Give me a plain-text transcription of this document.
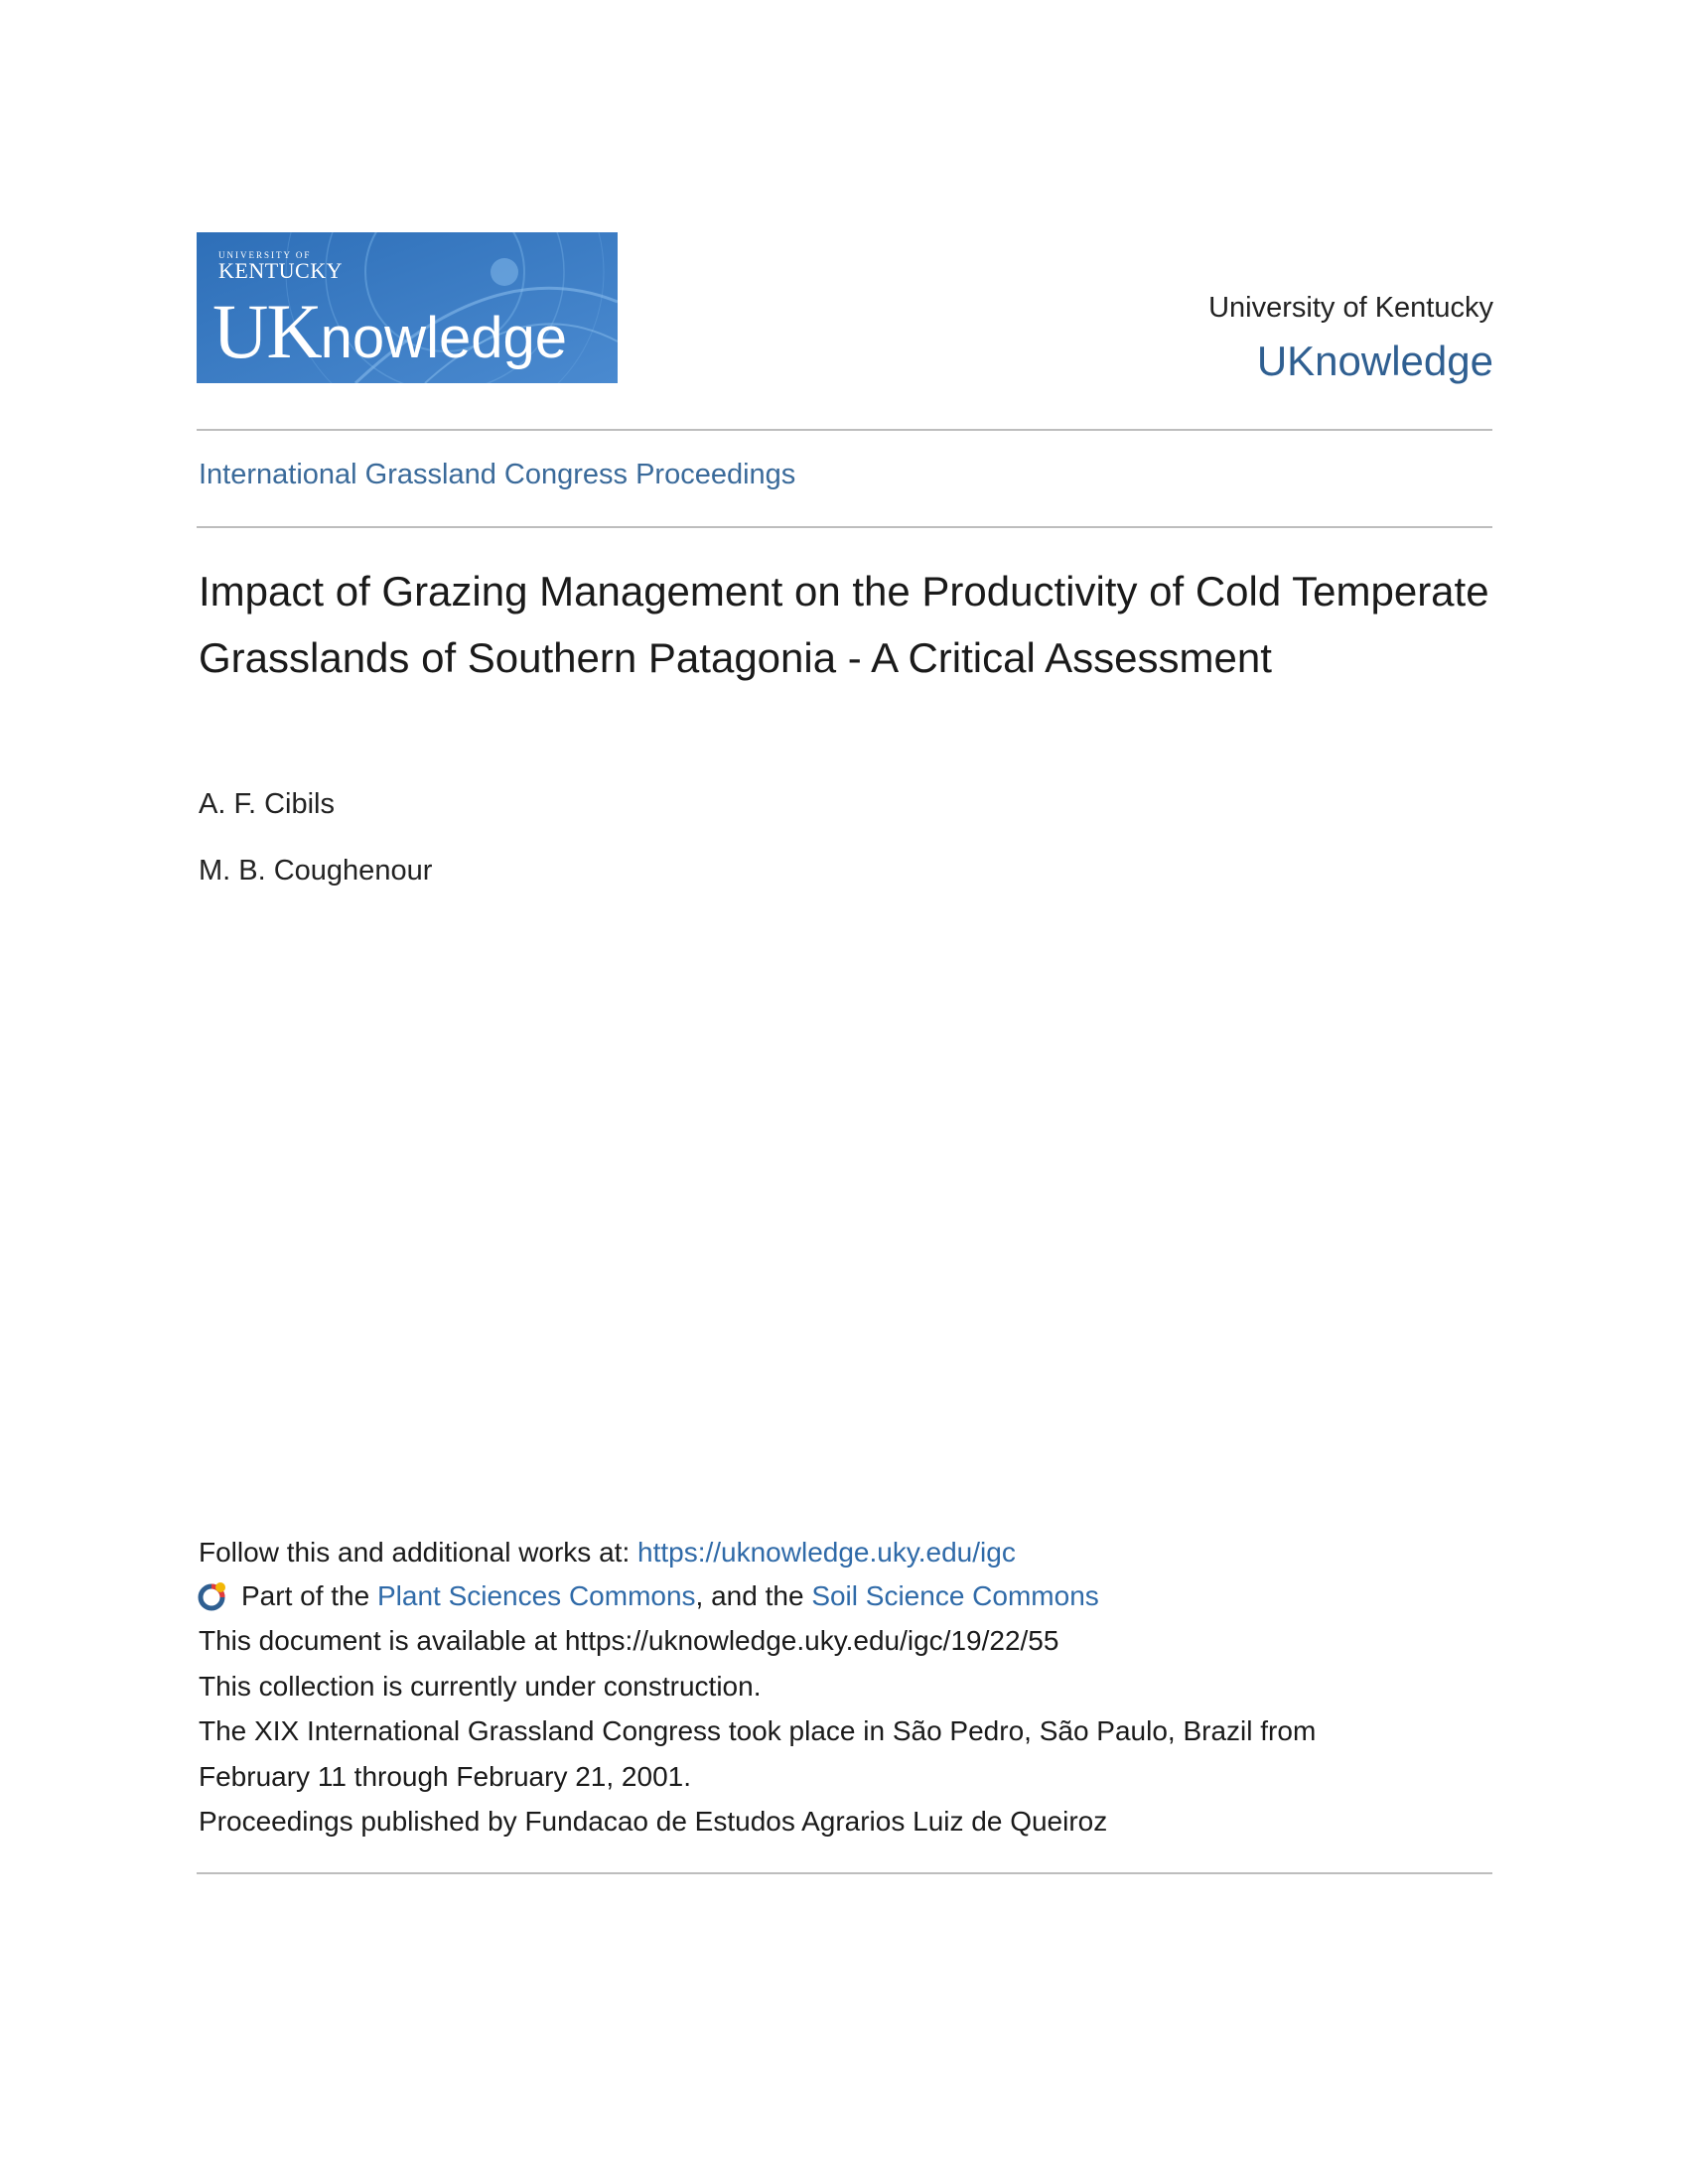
UNIVERSITY OF
KENTUCKY
UKnowledge	University of Kentucky
UKnowledge
International Grassland Congress Proceedings
Impact of Grazing Management on the Productivity of Cold Temperate Grasslands of Southern Patagonia - A Critical Assessment
A. F. Cibils
M. B. Coughenour
Follow this and additional works at: https://uknowledge.uky.edu/igc
Part of the Plant Sciences Commons, and the Soil Science Commons
This document is available at https://uknowledge.uky.edu/igc/19/22/55
This collection is currently under construction.
The XIX International Grassland Congress took place in São Pedro, São Paulo, Brazil from
February 11 through February 21, 2001.
Proceedings published by Fundacao de Estudos Agrarios Luiz de Queiroz
